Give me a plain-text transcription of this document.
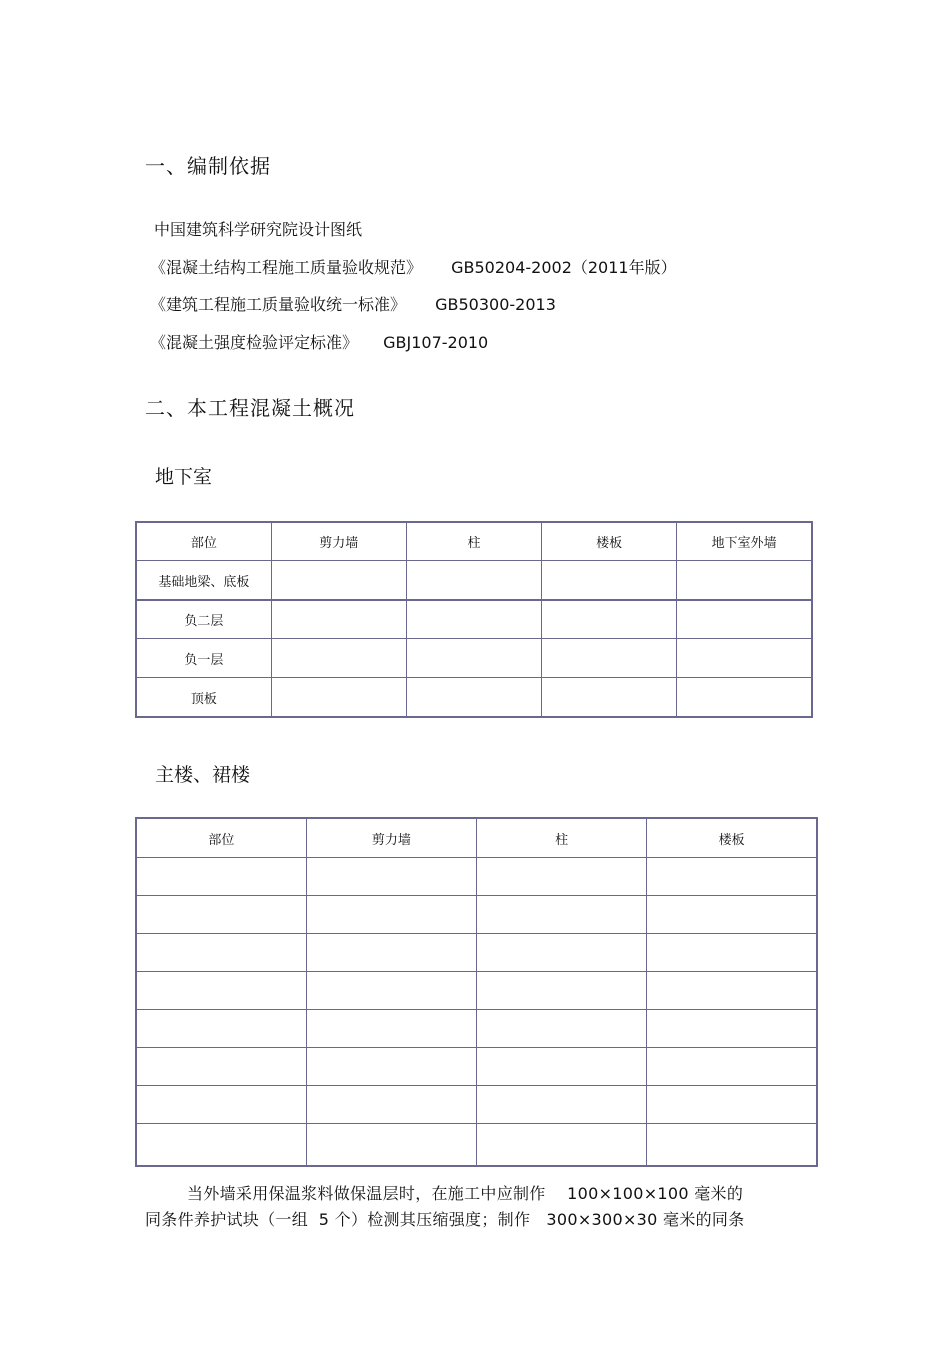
一、编制依据
中国建筑科学研究院设计图纸
《混凝土结构工程施工质量验收规范》 GB50204-2002（2011年版）
《建筑工程施工质量验收统一标准》 GB50300-2013
《混凝土强度检验评定标准》 GBJ107-2010
二、本工程混凝土概况
地下室
部位	剪力墙	柱	楼板	地下室外墙
基础地梁、底板				
负二层				
负一层				
顶板				
主楼、裙楼
部位	剪力墙	柱	楼板

当外墙采用保温浆料做保温层时，在施工中应制作    100×100×100 毫米的
同条件养护试块（一组  5 个）检测其压缩强度；制作   300×300×30 毫米的同条
